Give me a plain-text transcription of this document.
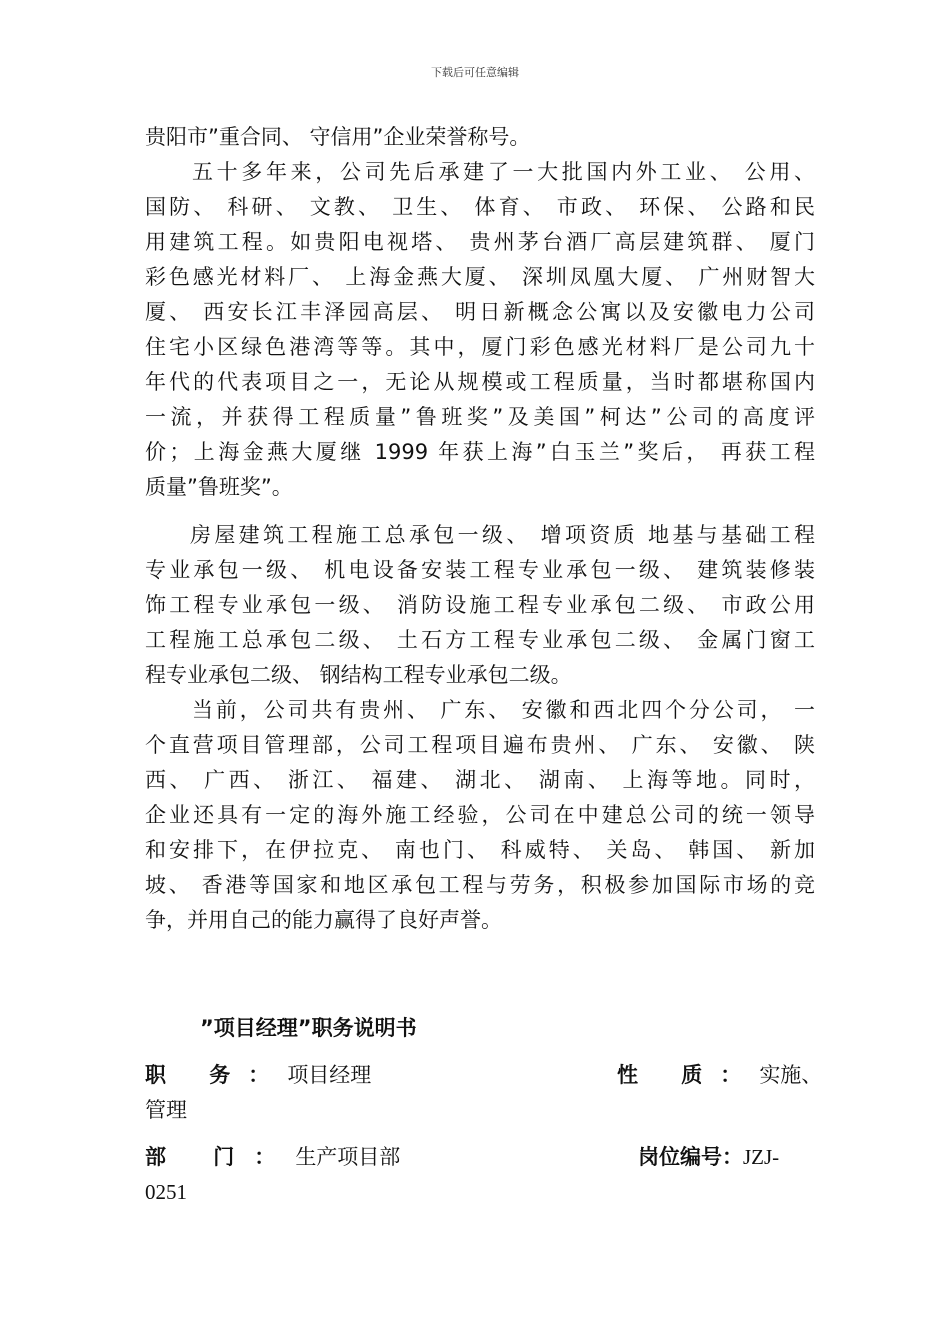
下载后可任意编辑
贵阳市”重合同、 守信用”企业荣誉称号。
五十多年来，公司先后承建了一大批国内外工业、 公用、
国防、 科研、 文教、 卫生、 体育、 市政、 环保、 公路和民
用建筑工程。如贵阳电视塔、 贵州茅台酒厂高层建筑群、 厦门
彩色感光材料厂、 上海金燕大厦、 深圳凤凰大厦、 广州财智大
厦、 西安长江丰泽园高层、 明日新概念公寓以及安徽电力公司
住宅小区绿色港湾等等。其中，厦门彩色感光材料厂是公司九十
年代的代表项目之一，无论从规模或工程质量，当时都堪称国内
一流，并获得工程质量”鲁班奖”及美国”柯达”公司的高度评
价；上海金燕大厦继 1999 年获上海”白玉兰”奖后， 再获工程
质量”鲁班奖”。
房屋建筑工程施工总承包一级、 增项资质 地基与基础工程
专业承包一级、 机电设备安装工程专业承包一级、 建筑装修装
饰工程专业承包一级、 消防设施工程专业承包二级、 市政公用
工程施工总承包二级、 土石方工程专业承包二级、 金属门窗工
程专业承包二级、 钢结构工程专业承包二级。
当前，公司共有贵州、 广东、 安徽和西北四个分公司， 一
个直营项目管理部，公司工程项目遍布贵州、 广东、 安徽、 陕
西、 广西、 浙江、 福建、 湖北、 湖南、 上海等地。同时，
企业还具有一定的海外施工经验，公司在中建总公司的统一领导
和安排下，在伊拉克、 南也门、 科威特、 关岛、 韩国、 新加
坡、 香港等国家和地区承包工程与劳务，积极参加国际市场的竞
争，并用自己的能力赢得了良好声誉。
”项目经理”职务说明书
职 务：项目经理	性 质：实施、
管理
部 门：生产项目部	岗位编号：JZJ-
0251
